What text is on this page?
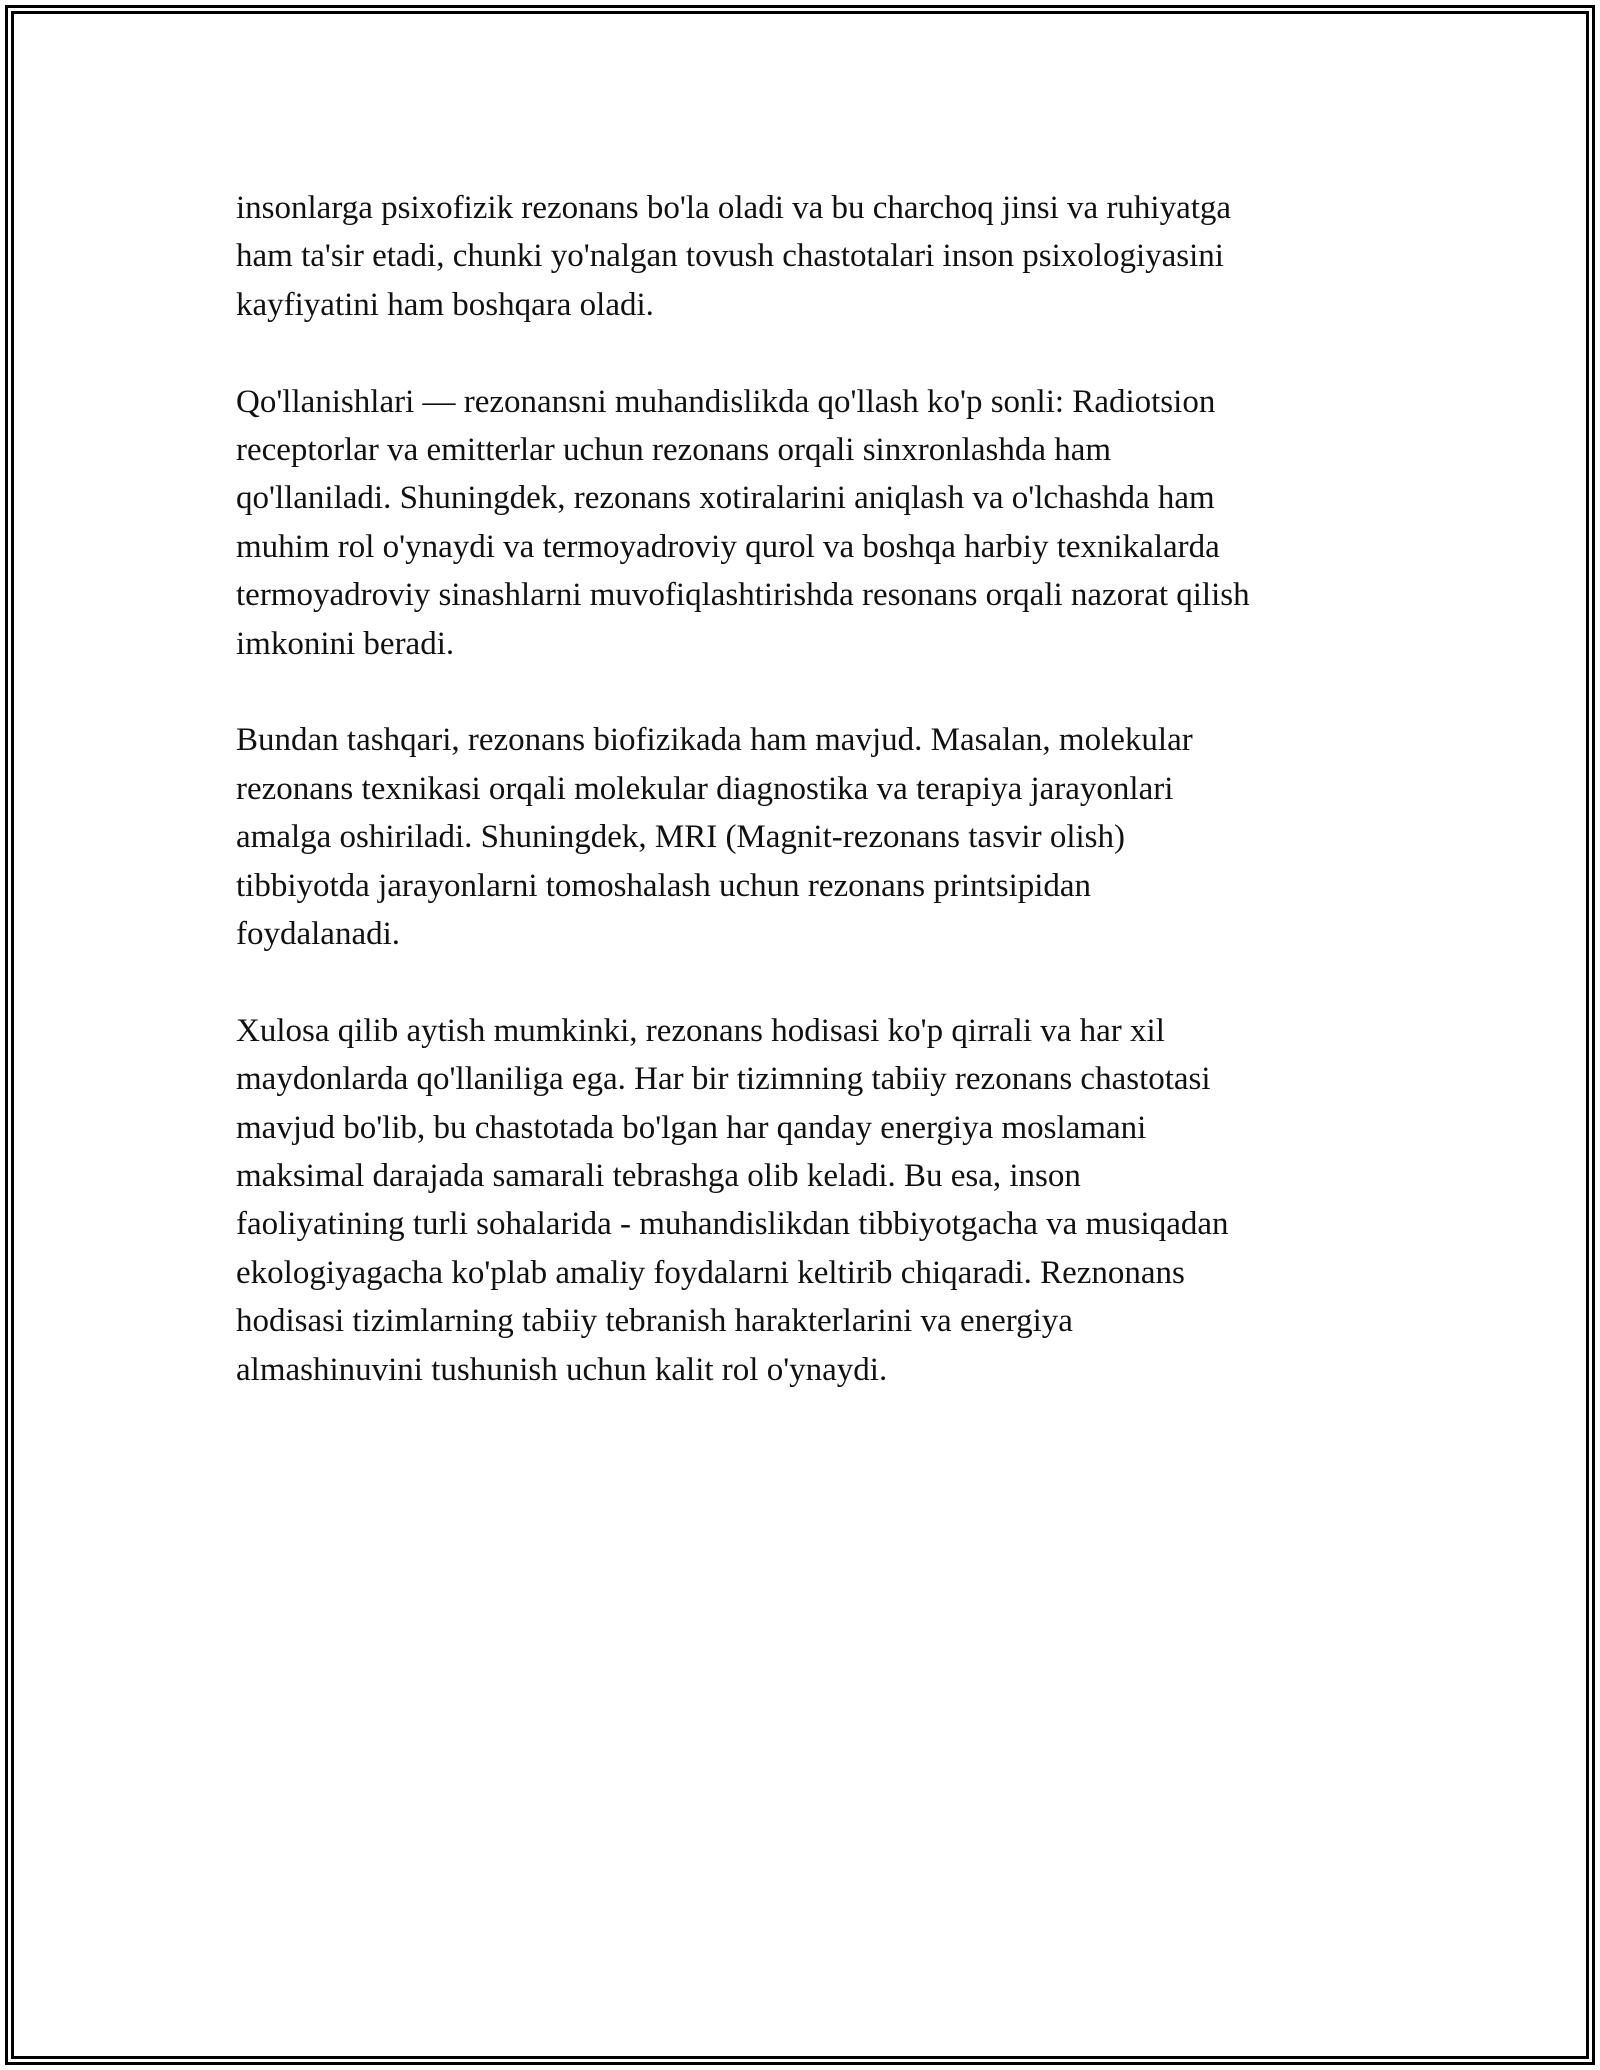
insonlarga psixofizik rezonans bo'la oladi va bu charchoq jinsi va ruhiyatga
ham ta'sir etadi, chunki yo'nalgan tovush chastotalari inson psixologiyasini
kayfiyatini ham boshqara oladi.

Qo'llanishlari — rezonansni muhandislikda qo'llash ko'p sonli: Radiotsion
receptorlar va emitterlar uchun rezonans orqali sinxronlashda ham
qo'llaniladi. Shuningdek, rezonans xotiralarini aniqlash va o'lchashda ham
muhim rol o'ynaydi va termoyadroviy qurol va boshqa harbiy texnikalarda
termoyadroviy sinashlarni muvofiqlashtirishda resonans orqali nazorat qilish
imkonini beradi.

Bundan tashqari, rezonans biofizikada ham mavjud. Masalan, molekular
rezonans texnikasi orqali molekular diagnostika va terapiya jarayonlari
amalga oshiriladi. Shuningdek, MRI (Magnit-rezonans tasvir olish)
tibbiyotda jarayonlarni tomoshalash uchun rezonans printsipidan
foydalanadi.

Xulosa qilib aytish mumkinki, rezonans hodisasi ko'p qirrali va har xil
maydonlarda qo'llaniliga ega. Har bir tizimning tabiiy rezonans chastotasi
mavjud bo'lib, bu chastotada bo'lgan har qanday energiya moslamani
maksimal darajada samarali tebrashga olib keladi. Bu esa, inson
faoliyatining turli sohalarida - muhandislikdan tibbiyotgacha va musiqadan
ekologiyagacha ko'plab amaliy foydalarni keltirib chiqaradi. Reznonans
hodisasi tizimlarning tabiiy tebranish harakterlarini va energiya
almashinuvini tushunish uchun kalit rol o'ynaydi.
